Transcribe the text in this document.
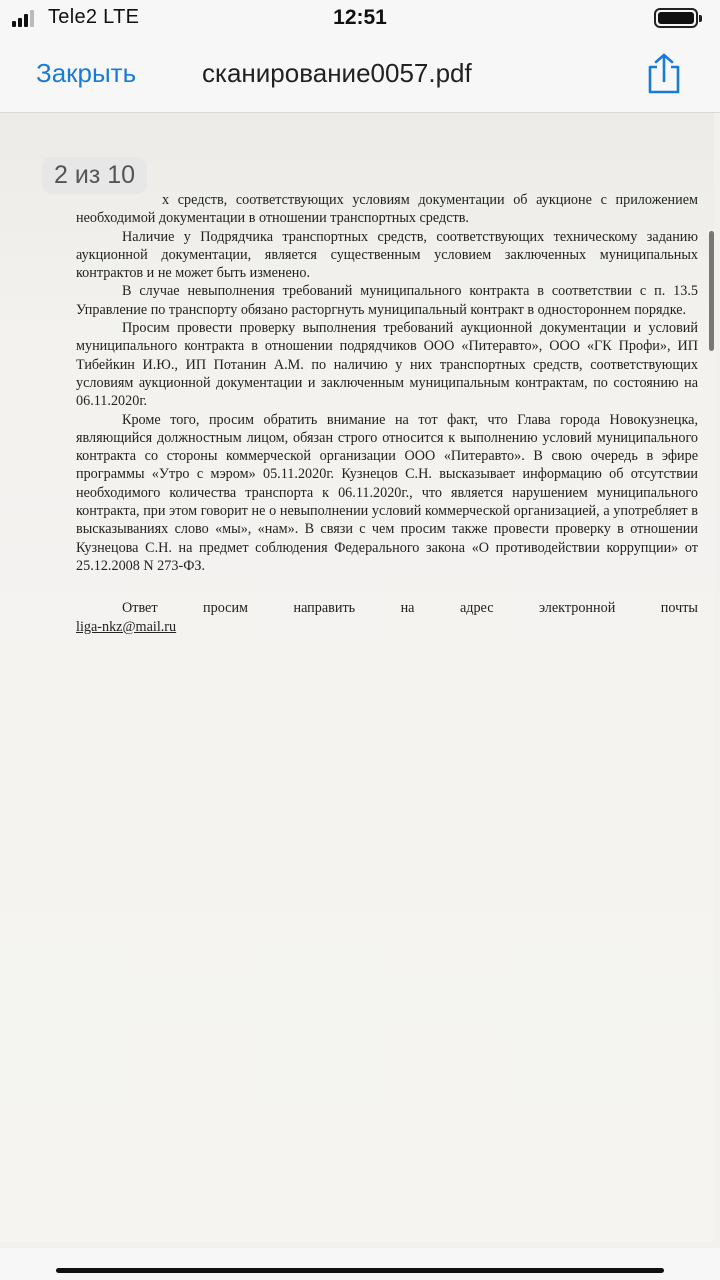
Tele2 LTE	12:51
Закрыть	сканирование0057.pdf

х средств, соответствующих условиям документации об аукционе с приложением необходимой документации в отношении транспортных средств.

Наличие у Подрядчика транспортных средств, соответствующих техническому заданию аукционной документации, является существенным условием заключенных муниципальных контрактов и не может быть изменено.

В случае невыполнения требований муниципального контракта в соответствии с п. 13.5 Управление по транспорту обязано расторгнуть муниципальный контракт в одностороннем порядке.

Просим провести проверку выполнения требований аукционной документации и условий муниципального контракта в отношении подрядчиков ООО «Питеравто», ООО «ГК Профи», ИП Тибейкин И.Ю., ИП Потанин А.М. по наличию у них транспортных средств, соответствующих условиям аукционной документации и заключенным муниципальным контрактам, по состоянию на 06.11.2020г.

Кроме того, просим обратить внимание на тот факт, что Глава города Новокузнецка, являющийся должностным лицом, обязан строго относится к выполнению условий муниципального контракта со стороны коммерческой организации ООО «Питеравто». В свою очередь в эфире программы «Утро с мэром» 05.11.2020г. Кузнецов С.Н. высказывает информацию об отсутствии необходимого количества транспорта к 06.11.2020г., что является нарушением муниципального контракта, при этом говорит не о невыполнении условий коммерческой организацией, а употребляет в высказываниях слово «мы», «нам». В связи с чем просим также провести проверку в отношении Кузнецова С.Н. на предмет соблюдения Федерального закона «О противодействии коррупции» от 25.12.2008 N 273-ФЗ.

Ответ	просим	направить	на	адрес	электронной	почты
liga-nkz@mail.ru

2 из 10
